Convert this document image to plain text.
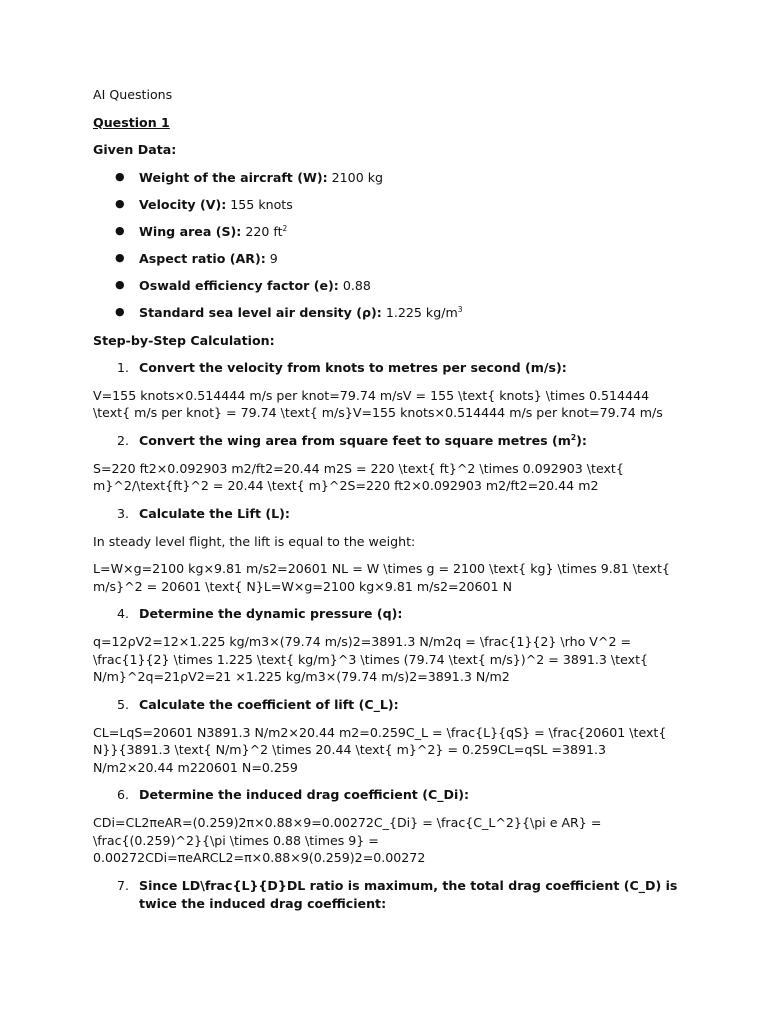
AI Questions

Question 1

Given Data:

● Weight of the aircraft (W): 2100 kg
● Velocity (V): 155 knots
● Wing area (S): 220 $ft^2$
● Aspect ratio (AR): 9
● Oswald efficiency factor (e): 0.88
● Standard sea level air density (ρ): 1.225 $kg/m^3$

Step-by-Step Calculation:

1. Convert the velocity from knots to metres per second (m/s):

V=155 knots×0.514444 m/s per knot=79.74 m/sV = 155 \text{ knots} \times 0.514444 \text{ m/s per knot} = 79.74 \text{ m/s}V=155 knots×0.514444 m/s per knot=79.74 m/s

2. Convert the wing area from square feet to square metres $(m^2)$:

S=220 ft2×0.092903 m2/ft2=20.44 m2S = 220 \text{ ft}^2 \times 0.092903 \text{ m}^2/\text{ft}^2 = 20.44 \text{ m}^2S=220 ft2×0.092903 m2/ft2=20.44 m2

3. Calculate the Lift (L):

In steady level flight, the lift is equal to the weight:

L=W×g=2100 kg×9.81 m/s2=20601 NL = W \times g = 2100 \text{ kg} \times 9.81 \text{ m/s}^2 = 20601 \text{ N}L=W×g=2100 kg×9.81 m/s2=20601 N

4. Determine the dynamic pressure (q):

q=12ρV2=12×1.225 kg/m3×(79.74 m/s)2=3891.3 N/m2q = \frac{1}{2} \rho V^2 = \frac{1}{2} \times 1.225 \text{ kg/m}^3 \times (79.74 \text{ m/s})^2 = 3891.3 \text{ N/m}^2q=21ρV2=21 ×1.225 kg/m3×(79.74 m/s)2=3891.3 N/m2

5. Calculate the coefficient of lift (C_L):

CL=LqS=20601 N3891.3 N/m2×20.44 m2=0.259C_L = \frac{L}{qS} = \frac{20601 \text{ N}}{3891.3 \text{ N/m}^2 \times 20.44 \text{ m}^2} = 0.259CL=qSL =3891.3 N/m2×20.44 m220601 N=0.259

6. Determine the induced drag coefficient (C_Di):

CDi=CL2πeAR=(0.259)2π×0.88×9=0.00272C_{Di} = \frac{C_L^2}{\pi e AR} = \frac{(0.259)^2}{\pi \times 0.88 \times 9} = 0.00272CDi=πeARCL2=π×0.88×9(0.259)2=0.00272

7. Since LD\frac{L}{D}DL ratio is maximum, the total drag coefficient (C_D) is twice the induced drag coefficient:
